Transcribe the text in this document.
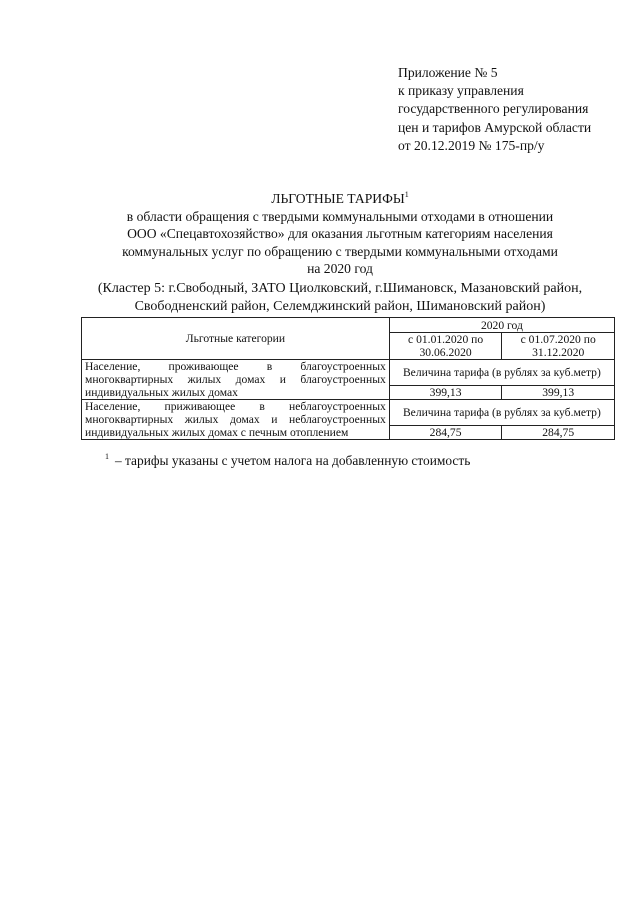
Приложение № 5
к приказу управления
государственного регулирования
цен и тарифов Амурской области
от 20.12.2019 № 175-пр/у
ЛЬГОТНЫЕ ТАРИФЫ$^1$
в области обращения с твердыми коммунальными отходами в отношении
ООО «Спецавтохозяйство» для оказания льготным категориям населения
коммунальных услуг по обращению с твердыми коммунальными отходами
на 2020 год
(Кластер 5: г.Свободный, ЗАТО Циолковский, г.Шимановск, Мазановский район,
Свободненский район, Селемджинский район, Шимановский район)
Льготные категории	2020 год	
	с 01.01.2020 по 30.06.2020	с 01.07.2020 по 31.12.2020
Население, проживающее в благоустроенных многоквартирных жилых домах и благоустроенных индивидуальных жилых домах	Величина тарифа (в рублях за куб.метр)	
	399,13	399,13
Население, приживающее в неблагоустроенных многоквартирных жилых домах и неблагоустроенных индивидуальных жилых домах с печным отоплением	Величина тарифа (в рублях за куб.метр)	
	284,75	284,75
$^1$ – тарифы указаны с учетом налога на добавленную стоимость
